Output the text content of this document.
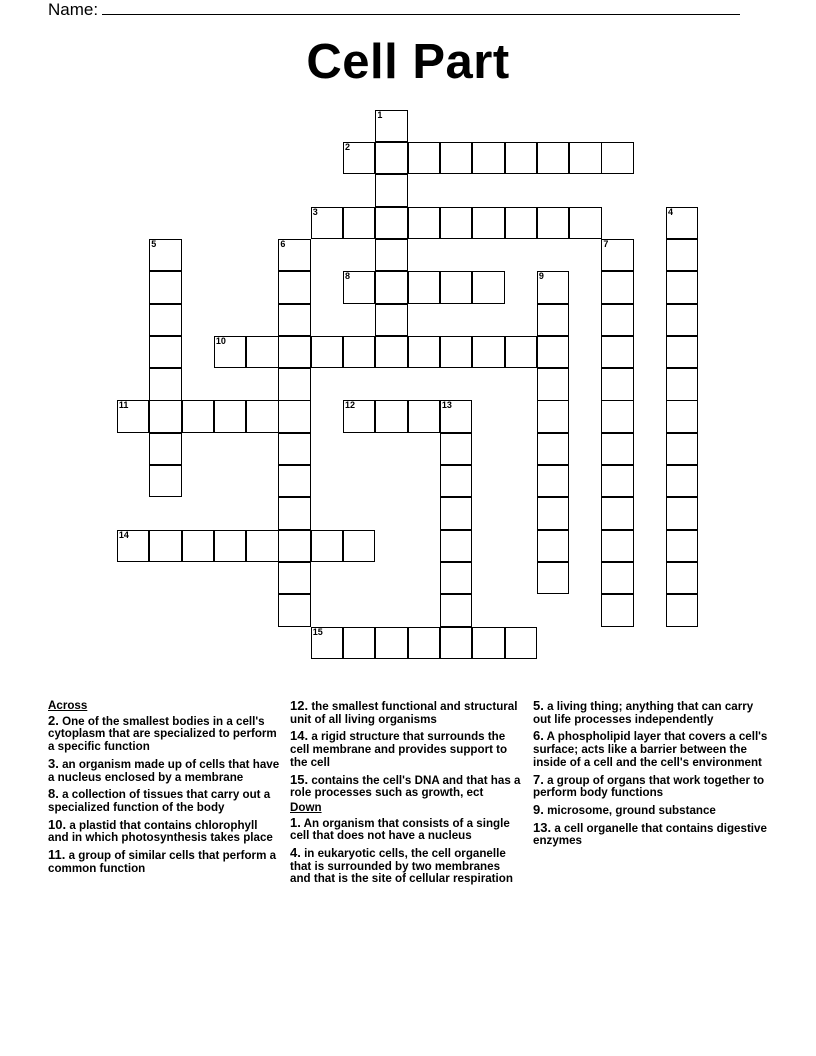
Name:
Cell Part
1
2
3	4
5	6	7
8	9
10
11	12	13
14
15
Across
2. One of the smallest bodies in a cell's cytoplasm that are specialized to perform a specific function
3. an organism made up of cells that have a nucleus enclosed by a membrane
8. a collection of tissues that carry out a specialized function of the body
10. a plastid that contains chlorophyll and in which photosynthesis takes place
11. a group of similar cells that perform a common function
12. the smallest functional and structural unit of all living organisms
14. a rigid structure that surrounds the cell membrane and provides support to the cell
15. contains the cell's DNA and that has a role processes such as growth, ect
Down
1. An organism that consists of a single cell that does not have a nucleus
4. in eukaryotic cells, the cell organelle that is surrounded by two membranes and that is the site of cellular respiration
5. a living thing; anything that can carry out life processes independently
6. A phospholipid layer that covers a cell's surface; acts like a barrier between the inside of a cell and the cell's environment
7. a group of organs that work together to perform body functions
9. microsome, ground substance
13. a cell organelle that contains digestive enzymes
